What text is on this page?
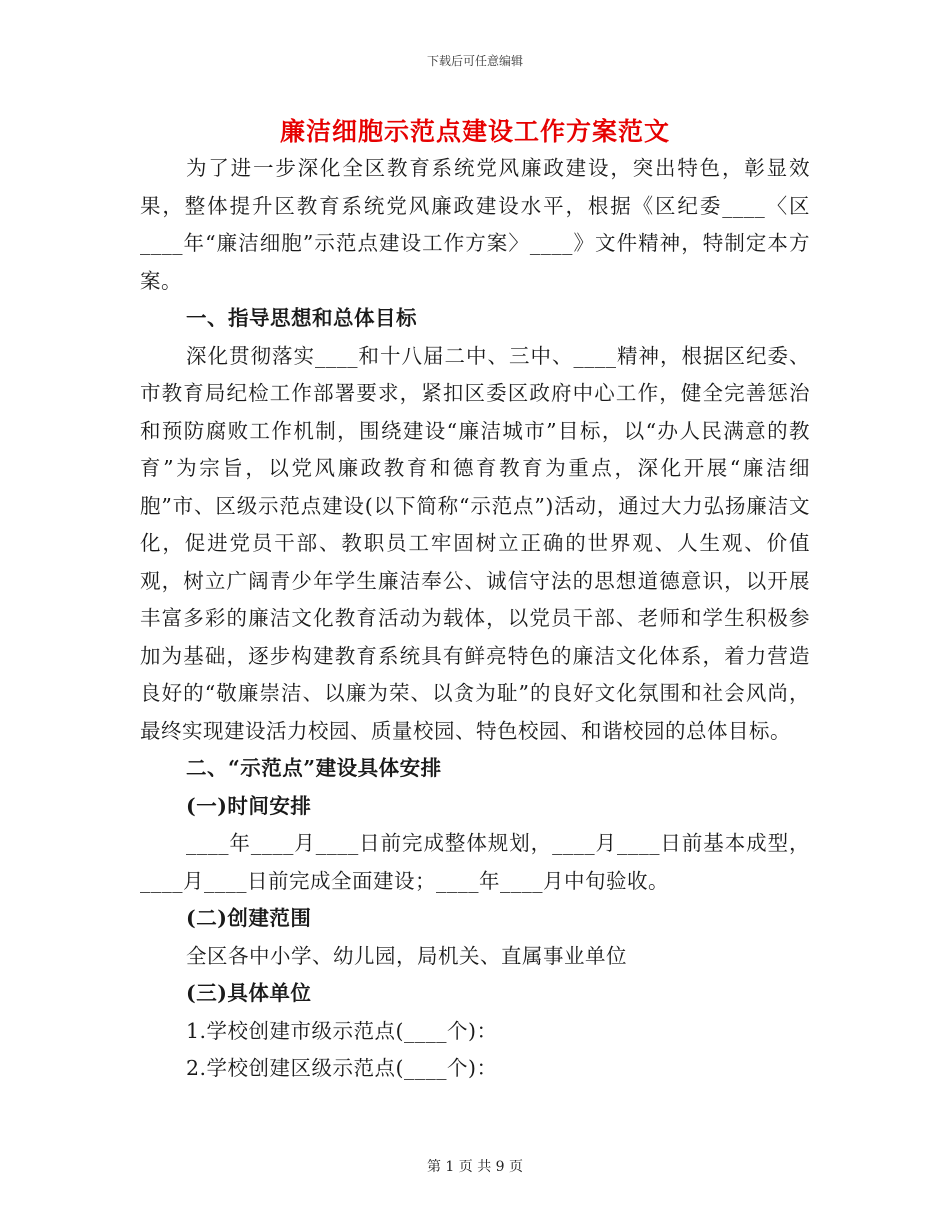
下载后可任意编辑
廉洁细胞示范点建设工作方案范文

为了进一步深化全区教育系统党风廉政建设，突出特色，彰显效果，整体提升区教育系统党风廉政建设水平，根据《区纪委____〈区____年“廉洁细胞”示范点建设工作方案〉____》文件精神，特制定本方案。

一、指导思想和总体目标

深化贯彻落实____和十八届二中、三中、____精神，根据区纪委、市教育局纪检工作部署要求，紧扣区委区政府中心工作，健全完善惩治和预防腐败工作机制，围绕建设“廉洁城市”目标，以“办人民满意的教育”为宗旨，以党风廉政教育和德育教育为重点，深化开展“廉洁细胞”市、区级示范点建设(以下简称“示范点”)活动，通过大力弘扬廉洁文化，促进党员干部、教职员工牢固树立正确的世界观、人生观、价值观，树立广阔青少年学生廉洁奉公、诚信守法的思想道德意识，以开展丰富多彩的廉洁文化教育活动为载体，以党员干部、老师和学生积极参加为基础，逐步构建教育系统具有鲜亮特色的廉洁文化体系，着力营造良好的“敬廉崇洁、以廉为荣、以贪为耻”的良好文化氛围和社会风尚，最终实现建设活力校园、质量校园、特色校园、和谐校园的总体目标。

二、“示范点”建设具体安排

(一)时间安排

____年____月____日前完成整体规划，____月____日前基本成型，____月____日前完成全面建设；____年____月中旬验收。

(二)创建范围

全区各中小学、幼儿园，局机关、直属事业单位

(三)具体单位

1.学校创建市级示范点(____个)：

2.学校创建区级示范点(____个)：

第 1 页 共 9 页
